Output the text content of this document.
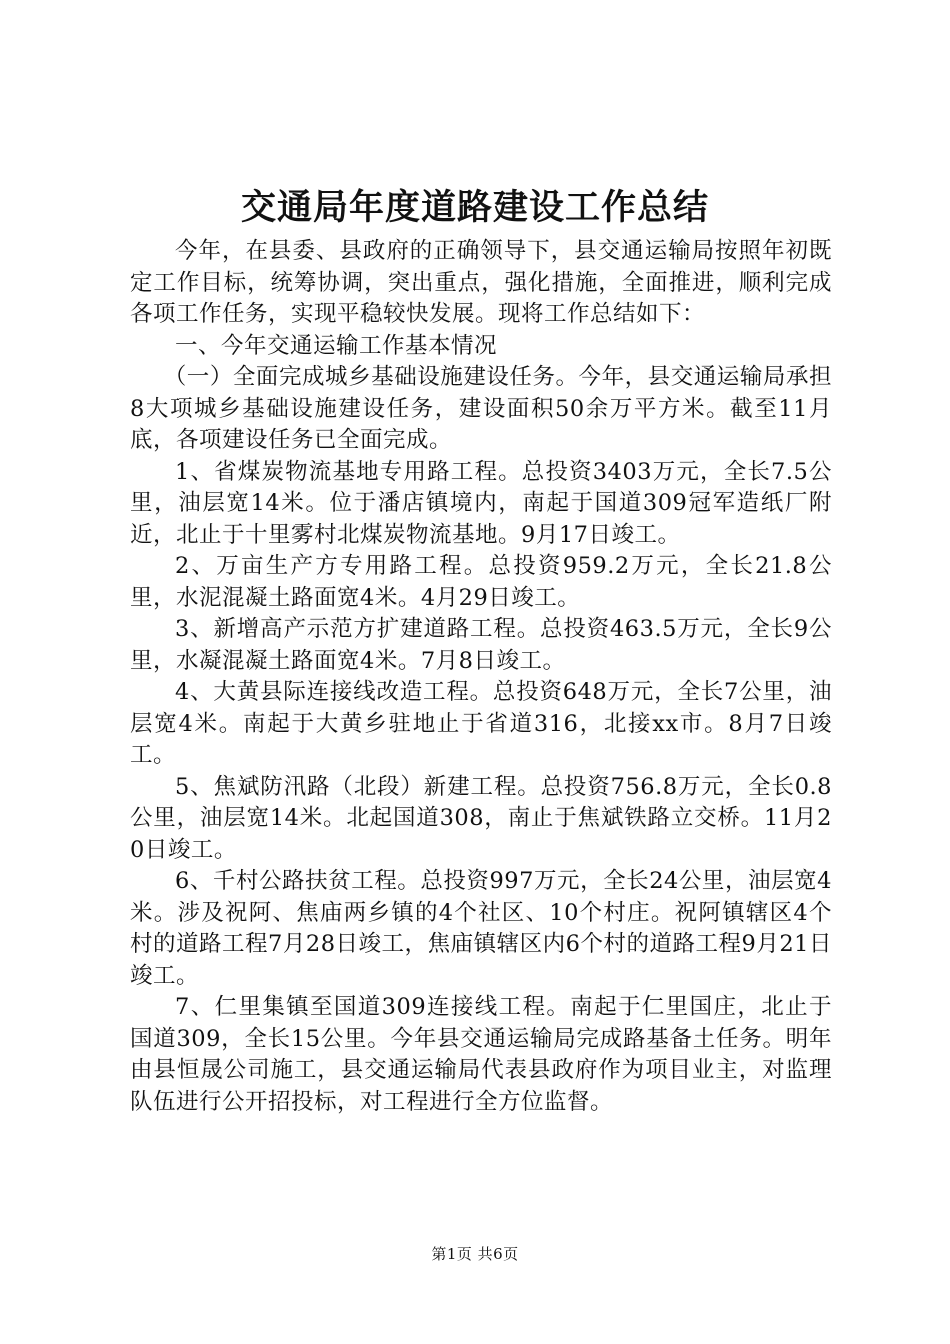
交通局年度道路建设工作总结

今年，在县委、县政府的正确领导下，县交通运输局按照年初既定工作目标，统筹协调，突出重点，强化措施，全面推进，顺利完成各项工作任务，实现平稳较快发展。现将工作总结如下：

一、今年交通运输工作基本情况

（一）全面完成城乡基础设施建设任务。今年，县交通运输局承担8大项城乡基础设施建设任务，建设面积50余万平方米。截至11月底，各项建设任务已全面完成。

1、省煤炭物流基地专用路工程。总投资3403万元，全长7.5公里，油层宽14米。位于潘店镇境内，南起于国道309冠军造纸厂附近，北止于十里雾村北煤炭物流基地。9月17日竣工。

2、万亩生产方专用路工程。总投资959.2万元，全长21.8公里，水泥混凝土路面宽4米。4月29日竣工。

3、新增高产示范方扩建道路工程。总投资463.5万元，全长9公里，水凝混凝土路面宽4米。7月8日竣工。

4、大黄县际连接线改造工程。总投资648万元，全长7公里，油层宽4米。南起于大黄乡驻地止于省道316，北接xx市。8月7日竣工。

5、焦斌防汛路（北段）新建工程。总投资756.8万元，全长0.8公里，油层宽14米。北起国道308，南止于焦斌铁路立交桥。11月20日竣工。

6、千村公路扶贫工程。总投资997万元，全长24公里，油层宽4米。涉及祝阿、焦庙两乡镇的4个社区、10个村庄。祝阿镇辖区4个村的道路工程7月28日竣工，焦庙镇辖区内6个村的道路工程9月21日竣工。

7、仁里集镇至国道309连接线工程。南起于仁里国庄，北止于国道309，全长15公里。今年县交通运输局完成路基备土任务。明年由县恒晟公司施工，县交通运输局代表县政府作为项目业主，对监理队伍进行公开招投标，对工程进行全方位监督。

第1页 共6页
